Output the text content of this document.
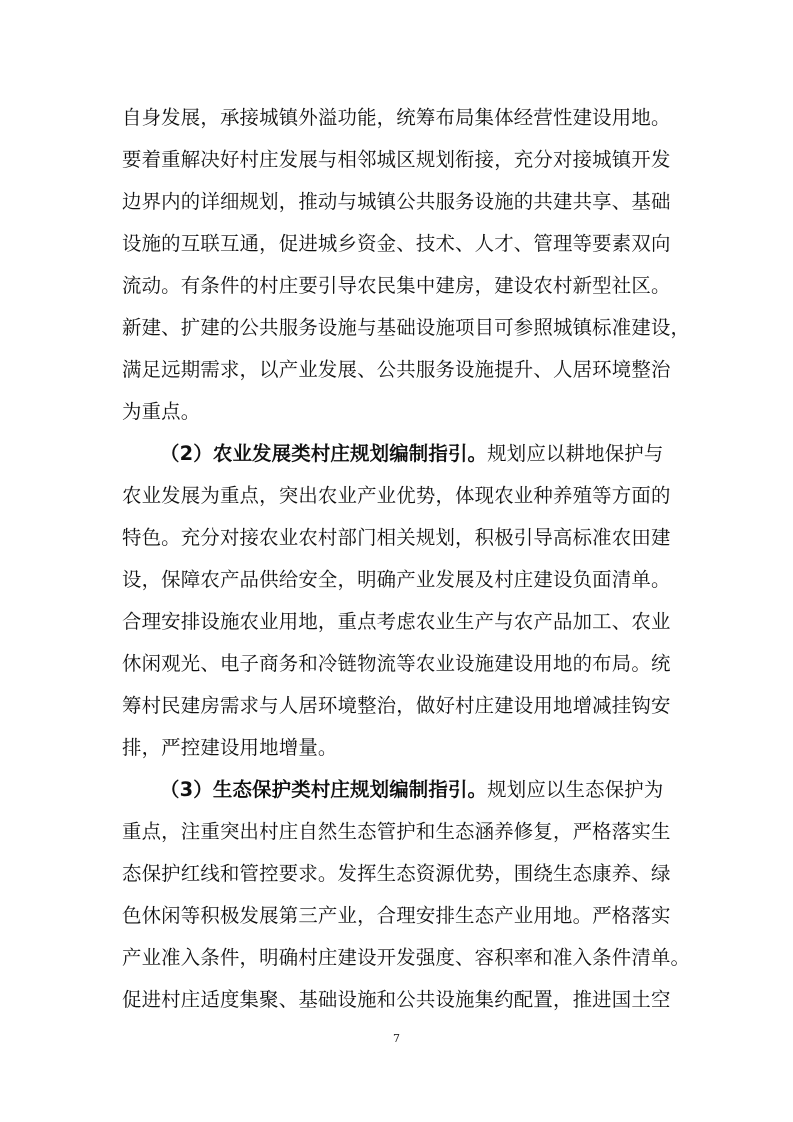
自身发展，承接城镇外溢功能，统筹布局集体经营性建设用地。
要着重解决好村庄发展与相邻城区规划衔接，充分对接城镇开发
边界内的详细规划，推动与城镇公共服务设施的共建共享、基础
设施的互联互通，促进城乡资金、技术、人才、管理等要素双向
流动。有条件的村庄要引导农民集中建房，建设农村新型社区。
新建、扩建的公共服务设施与基础设施项目可参照城镇标准建设，
满足远期需求，以产业发展、公共服务设施提升、人居环境整治
为重点。
（2）农业发展类村庄规划编制指引。规划应以耕地保护与
农业发展为重点，突出农业产业优势，体现农业种养殖等方面的
特色。充分对接农业农村部门相关规划，积极引导高标准农田建
设，保障农产品供给安全，明确产业发展及村庄建设负面清单。
合理安排设施农业用地，重点考虑农业生产与农产品加工、农业
休闲观光、电子商务和冷链物流等农业设施建设用地的布局。统
筹村民建房需求与人居环境整治，做好村庄建设用地增减挂钩安
排，严控建设用地增量。
（3）生态保护类村庄规划编制指引。规划应以生态保护为
重点，注重突出村庄自然生态管护和生态涵养修复，严格落实生
态保护红线和管控要求。发挥生态资源优势，围绕生态康养、绿
色休闲等积极发展第三产业，合理安排生态产业用地。严格落实
产业准入条件，明确村庄建设开发强度、容积率和准入条件清单。
促进村庄适度集聚、基础设施和公共设施集约配置，推进国土空
7
